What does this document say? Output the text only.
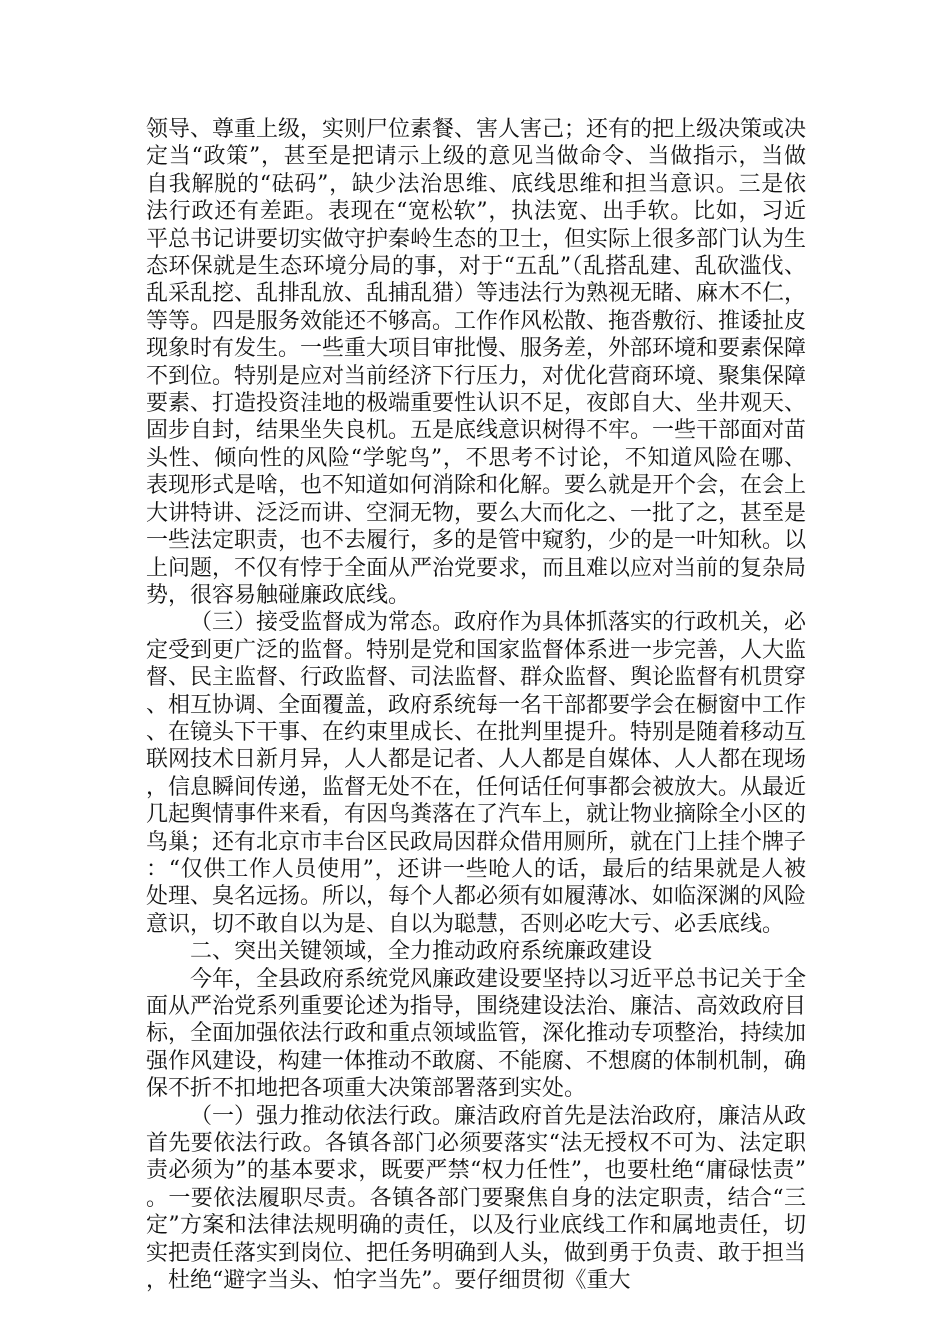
领导、尊重上级，实则尸位素餐、害人害己；还有的把上级决策或决定当“政策”，甚至是把请示上级的意见当做命令、当做指示，当做自我解脱的“砝码”，缺少法治思维、底线思维和担当意识。三是依法行政还有差距。表现在“宽松软”，执法宽、出手软。比如，习近平总书记讲要切实做守护秦岭生态的卫士，但实际上很多部门认为生态环保就是生态环境分局的事，对于“五乱”（乱搭乱建、乱砍滥伐、乱采乱挖、乱排乱放、乱捕乱猎）等违法行为熟视无睹、麻木不仁，等等。四是服务效能还不够高。工作作风松散、拖沓敷衍、推诿扯皮现象时有发生。一些重大项目审批慢、服务差，外部环境和要素保障不到位。特别是应对当前经济下行压力，对优化营商环境、聚集保障要素、打造投资洼地的极端重要性认识不足，夜郎自大、坐井观天、固步自封，结果坐失良机。五是底线意识树得不牢。一些干部面对苗头性、倾向性的风险“学鸵鸟”，不思考不讨论，不知道风险在哪、表现形式是啥，也不知道如何消除和化解。要么就是开个会，在会上大讲特讲、泛泛而讲、空洞无物，要么大而化之、一批了之，甚至是一些法定职责，也不去履行，多的是管中窥豹，少的是一叶知秋。以上问题，不仅有悖于全面从严治党要求，而且难以应对当前的复杂局势，很容易触碰廉政底线。

（三）接受监督成为常态。政府作为具体抓落实的行政机关，必定受到更广泛的监督。特别是党和国家监督体系进一步完善，人大监督、民主监督、行政监督、司法监督、群众监督、舆论监督有机贯穿、相互协调、全面覆盖，政府系统每一名干部都要学会在橱窗中工作、在镜头下干事、在约束里成长、在批判里提升。特别是随着移动互联网技术日新月异，人人都是记者、人人都是自媒体、人人都在现场，信息瞬间传递，监督无处不在，任何话任何事都会被放大。从最近几起舆情事件来看，有因鸟粪落在了汽车上，就让物业摘除全小区的鸟巢；还有北京市丰台区民政局因群众借用厕所，就在门上挂个牌子：“仅供工作人员使用”，还讲一些呛人的话，最后的结果就是人被处理、臭名远扬。所以，每个人都必须有如履薄冰、如临深渊的风险意识，切不敢自以为是、自以为聪慧，否则必吃大亏、必丢底线。

二、突出关键领域，全力推动政府系统廉政建设

今年，全县政府系统党风廉政建设要坚持以习近平总书记关于全面从严治党系列重要论述为指导，围绕建设法治、廉洁、高效政府目标，全面加强依法行政和重点领域监管，深化推动专项整治，持续加强作风建设，构建一体推动不敢腐、不能腐、不想腐的体制机制，确保不折不扣地把各项重大决策部署落到实处。

（一）强力推动依法行政。廉洁政府首先是法治政府，廉洁从政首先要依法行政。各镇各部门必须要落实“法无授权不可为、法定职责必须为”的基本要求，既要严禁“权力任性”，也要杜绝“庸碌怯责”。一要依法履职尽责。各镇各部门要聚焦自身的法定职责，结合“三定”方案和法律法规明确的责任，以及行业底线工作和属地责任，切实把责任落实到岗位、把任务明确到人头，做到勇于负责、敢于担当，杜绝“避字当头、怕字当先”。要仔细贯彻《重大
